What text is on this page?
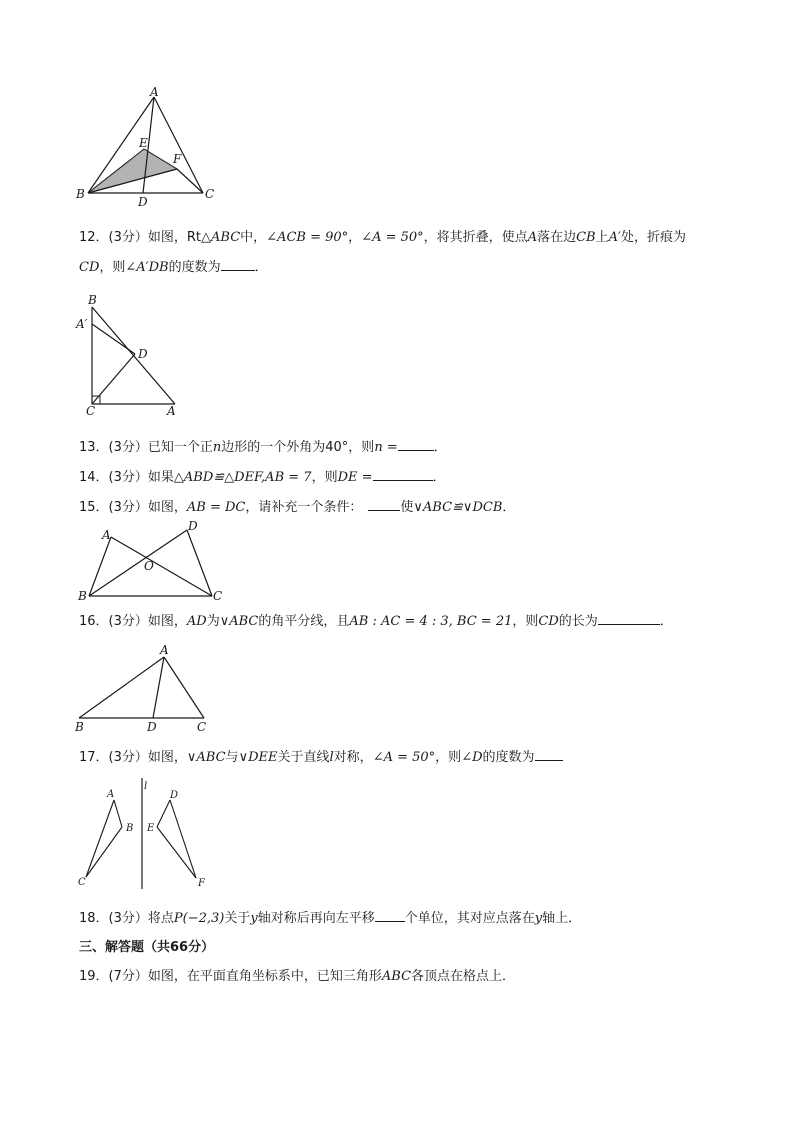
A
E
F
B	C
D
12．(3分）如图，Rt△ABC中，∠ACB = 90°，∠A = 50°，将其折叠，使点A落在边CB上A′处，折痕为
CD，则∠A′DB的度数为	．
B
A′
D
C	A
13．(3分）已知一个正n边形的一个外角为40°，则n =	．
14．(3分）如果△ABD≌△DEF,AB = 7，则DE =	．
15．(3分）如图，AB = DC，请补充一个条件：	使∨ABC≌∨DCB．
A
D
O
B	C
16．(3分）如图，AD为∨ABC的角平分线，且AB : AC = 4 : 3, BC = 21，则CD的长为	．
A
B	D	C
17．(3分）如图，∨ABC与∨DEE关于直线l对称，∠A = 50°，则∠D的度数为
A
B
C
l
D
E
F
18．(3分）将点P(−2,3)关于y轴对称后再向左平移 个单位，其对应点落在y轴上．
三、解答题（共66分）
19．(7分）如图，在平面直角坐标系中，已知三角形ABC各顶点在格点上．
